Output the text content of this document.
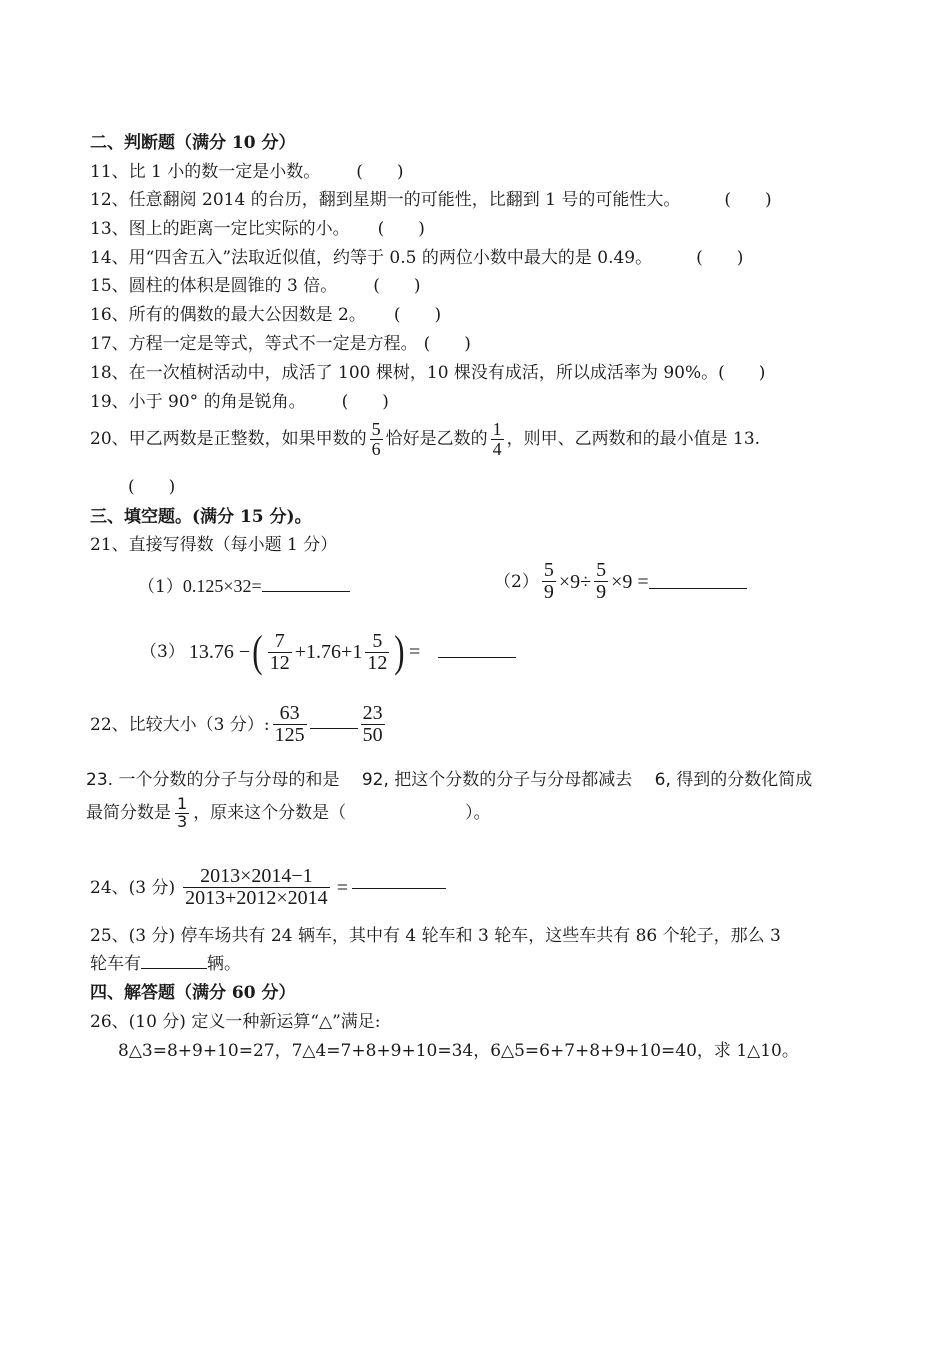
二、判断题（满分 10 分）
11、比 1 小的数一定是小数。 (　　)
12、任意翻阅 2014 的台历，翻到星期一的可能性，比翻到 1 号的可能性大。	(　　)
13、图上的距离一定比实际的小。 (　　)
14、用“四舍五入”法取近似值，约等于 0.5 的两位小数中最大的是 0.49。	(　　)
15、圆柱的体积是圆锥的 3 倍。 (　　)
16、所有的偶数的最大公因数是 2。 (　　)
17、方程一定是等式，等式不一定是方程。 (　　)
18、在一次植树活动中，成活了 100 棵树，10 棵没有成活，所以成活率为 90%。(　　)
19、小于 90° 的角是锐角。 (　　)
20、甲乙两数是正整数，如果甲数的 $\frac{5}{6}$ 恰好是乙数的 $\frac{1}{4}$ ，则甲、乙两数和的最小值是 13.
(　　)
三、填空题。(满分 15 分)。
21、直接写得数（每小题 1 分）
（1）0.125×32=	$(2) \frac{5}{9} \times 9\div \frac{5}{9} \times 9$ =
（3） 13.76 − ( $\frac{7}{12} +1.76+1 \frac{5}{12}$ ) =
22、比较大小（3 分）: $\frac{63}{125}$	$\frac{23}{50}$
23. 一个分数的分子与分母的和是　 92, 把这个分数的分子与分母都减去　 6, 得到的分数化简成
最简分数是 $\frac{1}{3}$ ，原来这个分数是（　　　　　　　）。
24、(3 分) $\frac{2013\times 2014-1}{2013+2012\times 2014}$ =
25、(3 分) 停车场共有 24 辆车，其中有 4 轮车和 3 轮车，这些车共有 86 个轮子，那么 3
轮车有	辆。
四、解答题（满分 60 分）
26、(10 分) 定义一种新运算“△”满足:
8△3=8+9+10=27，7△4=7+8+9+10=34，6△5=6+7+8+9+10=40，求 1△10。
